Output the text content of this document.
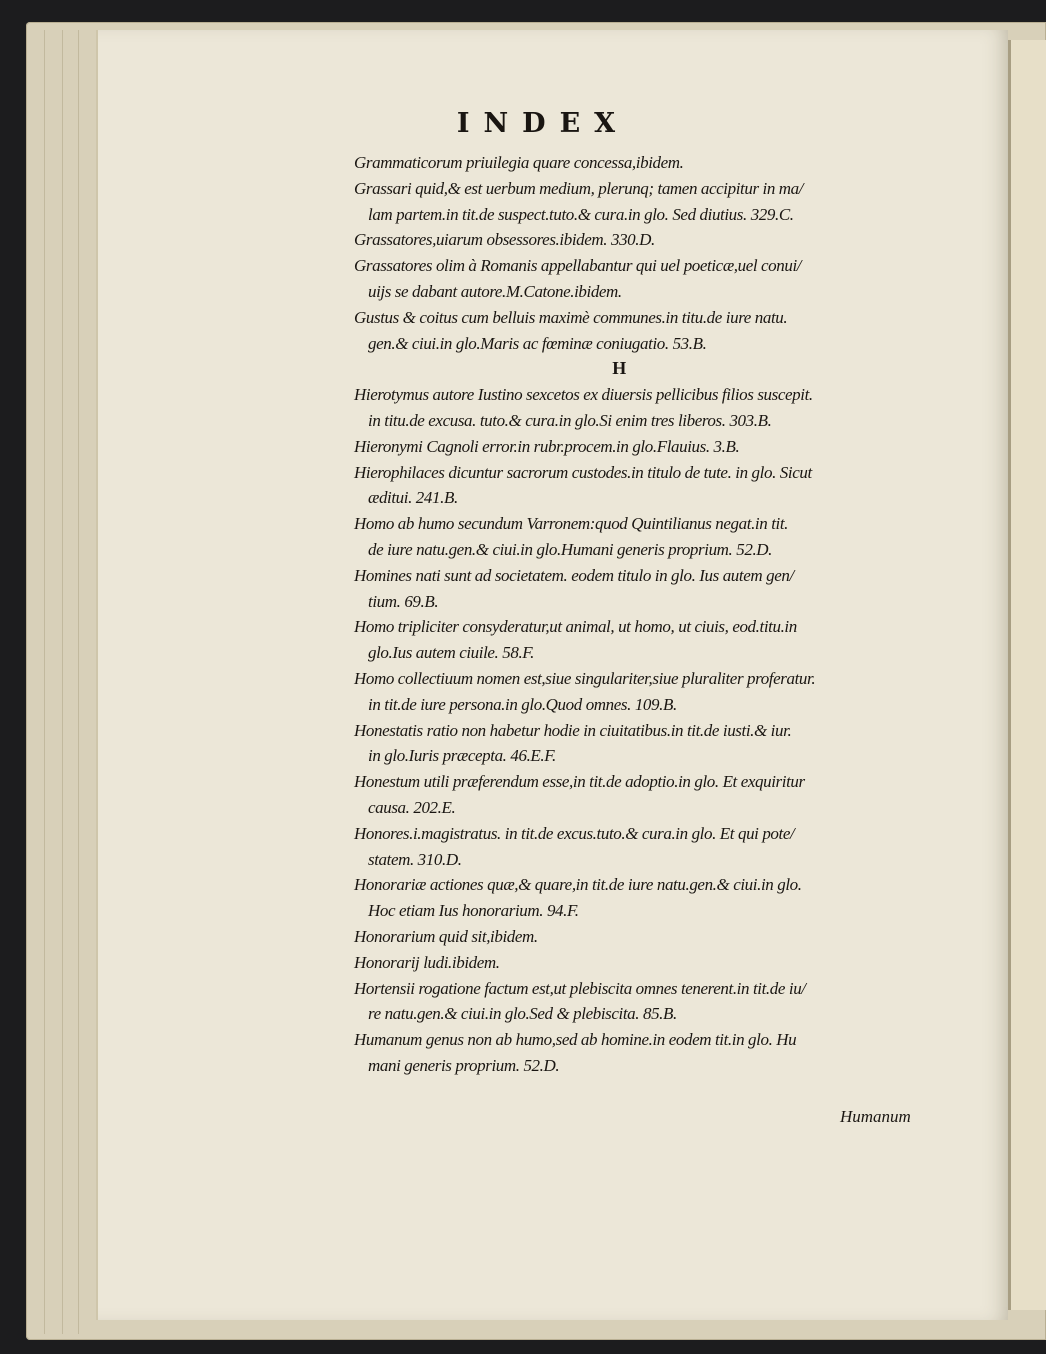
INDEX
Grammaticorum priuilegia quare concessa,ibidem.
Grassari quid,& est uerbum medium, plerunq; tamen accipitur in ma/
lam partem.in tit.de suspect.tuto.& cura.in glo. Sed diutius. 329.C.
Grassatores,uiarum obsessores.ibidem. 330.D.
Grassatores olim à Romanis appellabantur qui uel poeticæ,uel conui/
uijs se dabant autore.M.Catone.ibidem.
Gustus & coitus cum belluis maximè communes.in titu.de iure natu.
gen.& ciui.in glo.Maris ac fœminæ coniugatio. 53.B.
H
Hierotymus autore Iustino sexcetos ex diuersis pellicibus filios suscepit.
in titu.de excusa. tuto.& cura.in glo.Si enim tres liberos. 303.B.
Hieronymi Cagnoli error.in rubr.procem.in glo.Flauius. 3.B.
Hierophilaces dicuntur sacrorum custodes.in titulo de tute. in glo. Sicut
æditui. 241.B.
Homo ab humo secundum Varronem:quod Quintilianus negat.in tit.
de iure natu.gen.& ciui.in glo.Humani generis proprium. 52.D.
Homines nati sunt ad societatem. eodem titulo in glo. Ius autem gen/
tium. 69.B.
Homo tripliciter consyderatur,ut animal, ut homo, ut ciuis, eod.titu.in
glo.Ius autem ciuile. 58.F.
Homo collectiuum nomen est,siue singulariter,siue pluraliter proferatur.
in tit.de iure persona.in glo.Quod omnes. 109.B.
Honestatis ratio non habetur hodie in ciuitatibus.in tit.de iusti.& iur.
in glo.Iuris præcepta. 46.E.F.
Honestum utili præferendum esse,in tit.de adoptio.in glo. Et exquiritur
causa. 202.E.
Honores.i.magistratus. in tit.de excus.tuto.& cura.in glo. Et qui pote/
statem. 310.D.
Honorariæ actiones quæ,& quare,in tit.de iure natu.gen.& ciui.in glo.
Hoc etiam Ius honorarium. 94.F.
Honorarium quid sit,ibidem.
Honorarij ludi.ibidem.
Hortensii rogatione factum est,ut plebiscita omnes tenerent.in tit.de iu/
re natu.gen.& ciui.in glo.Sed & plebiscita. 85.B.
Humanum genus non ab humo,sed ab homine.in eodem tit.in glo. Hu
mani generis proprium. 52.D.
Humanum
